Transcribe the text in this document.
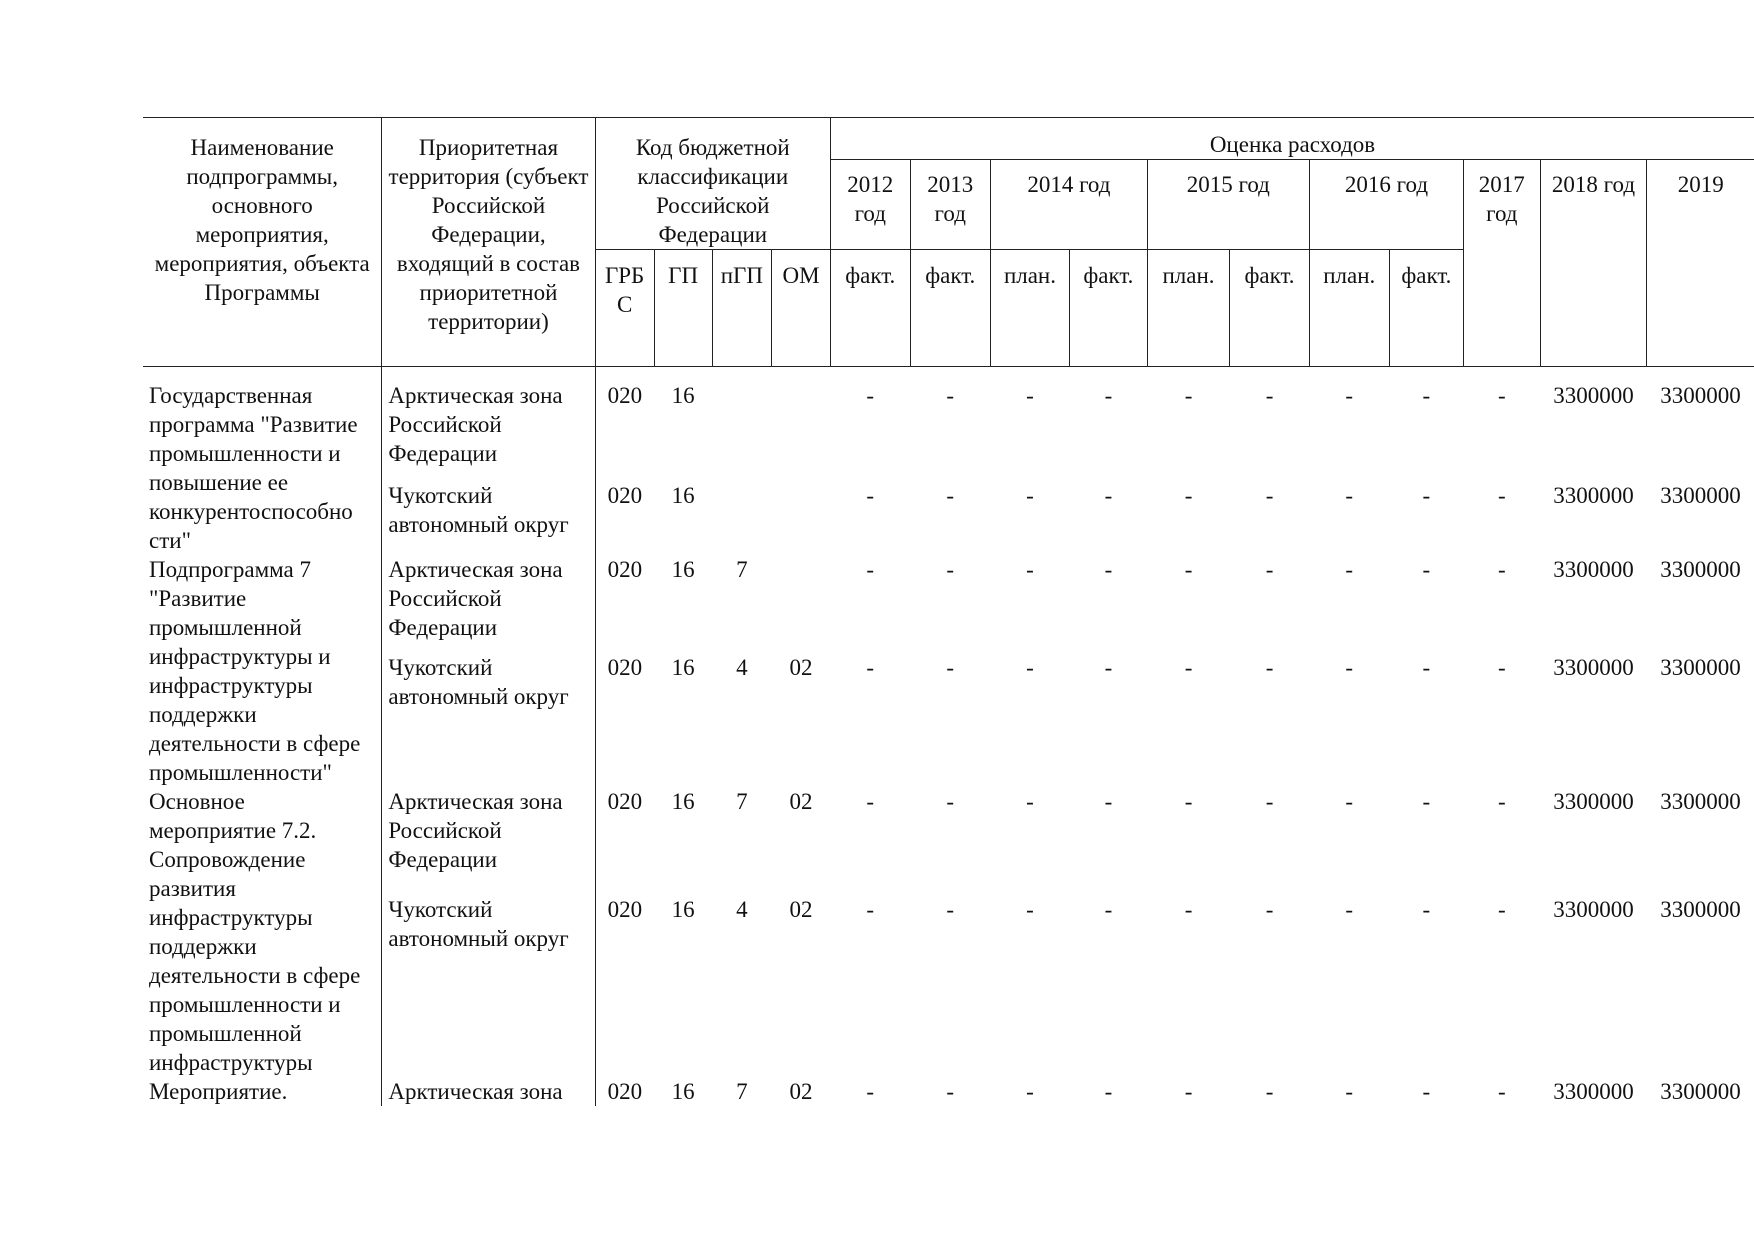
Наименование подпрограммы, основного мероприятия, мероприятия, объекта Программы	Приоритетная территория (субъект Российской Федерации, входящий в состав приоритетной территории)	Код бюджетной классификации Российской Федерации				Оценка расходов										
						2012 год	2013 год	2014 год		2015 год		2016 год		2017 год	2018 год	2019
		ГРБ С	ГП	пГП	ОМ	факт.	факт.	план.	факт.	план.	факт.	план.	факт.			
Государственная программа "Развитие промышленности и повышение ее конкурентоспособно сти"	Арктическая зона Российской Федерации	020	16			-	-	-	-	-	-	-	-	-	3300000	3300000
	Чукотский автономный округ	020	16			-	-	-	-	-	-	-	-	-	3300000	3300000
Подпрограмма 7 "Развитие промышленной инфраструктуры и инфраструктуры поддержки деятельности в сфере промышленности"	Арктическая зона Российской Федерации	020	16	7		-	-	-	-	-	-	-	-	-	3300000	3300000
	Чукотский автономный округ	020	16	4	02	-	-	-	-	-	-	-	-	-	3300000	3300000
Основное мероприятие 7.2. Сопровождение развития инфраструктуры поддержки деятельности в сфере промышленности и промышленной инфраструктуры	Арктическая зона Российской Федерации	020	16	7	02	-	-	-	-	-	-	-	-	-	3300000	3300000
	Чукотский автономный округ	020	16	4	02	-	-	-	-	-	-	-	-	-	3300000	3300000
Мероприятие.	Арктическая зона	020	16	7	02	-	-	-	-	-	-	-	-	-	3300000	3300000
